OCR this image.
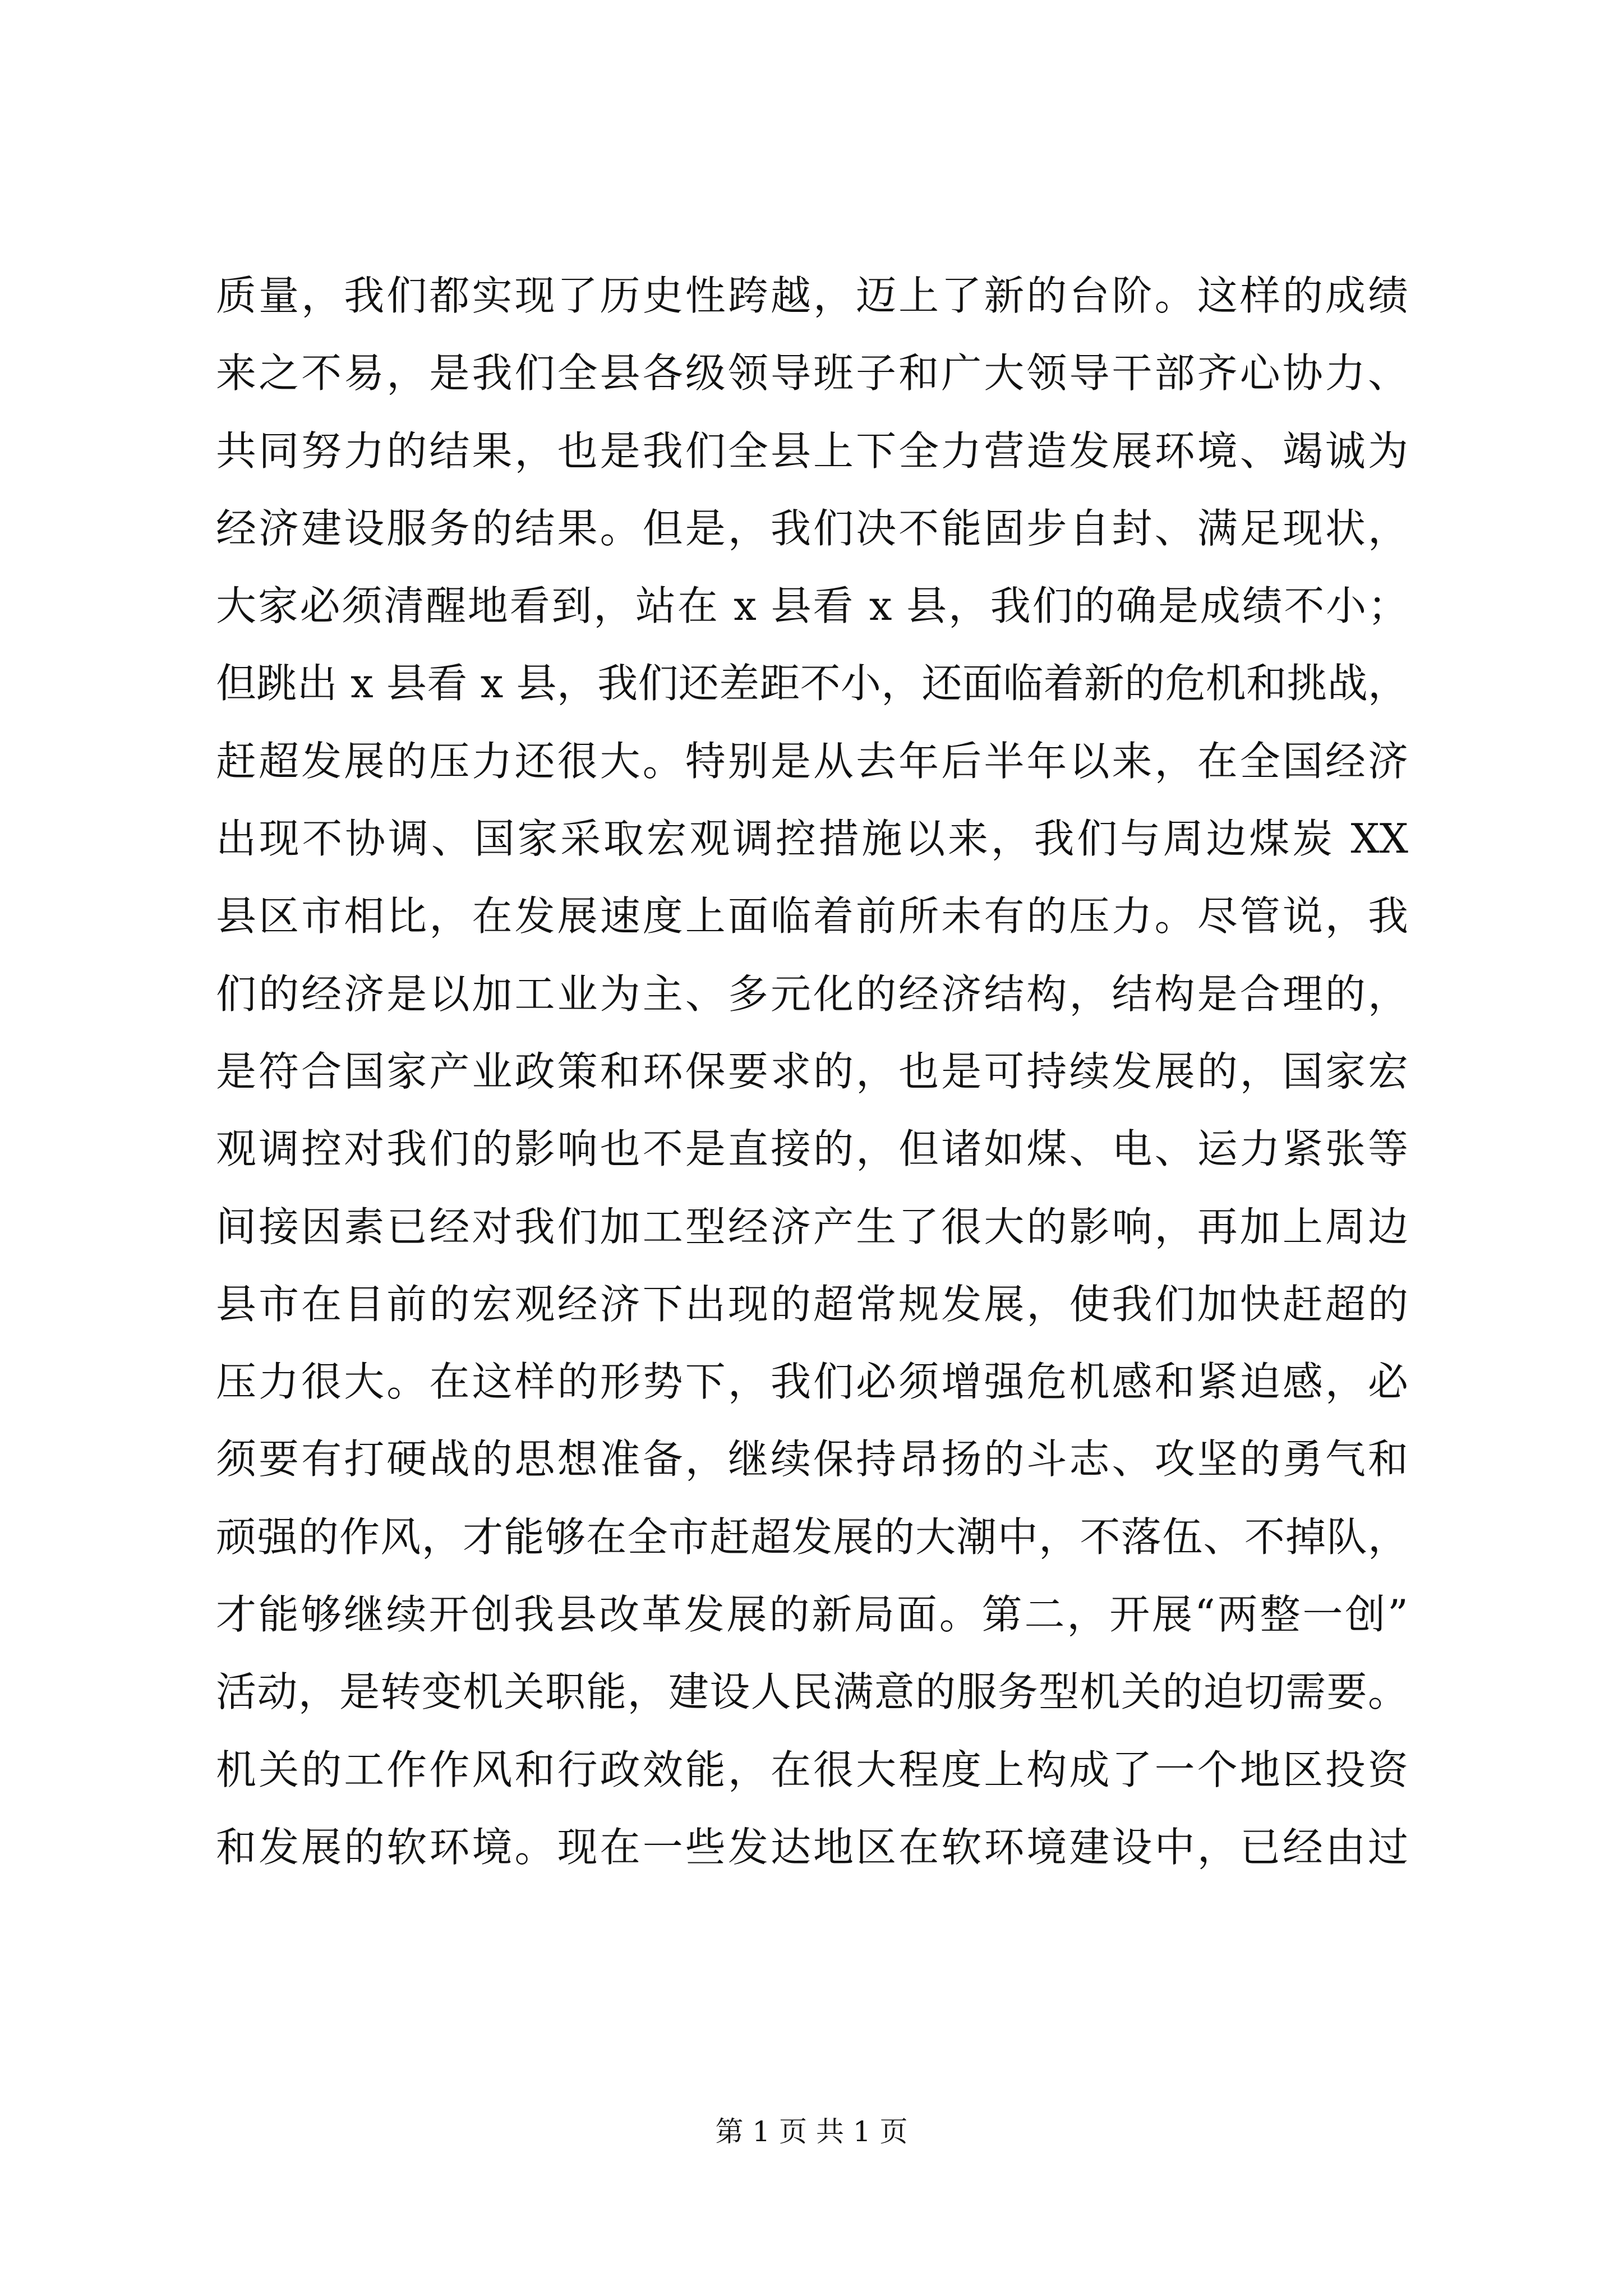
质量，我们都实现了历史性跨越，迈上了新的台阶。这样的成绩
来之不易，是我们全县各级领导班子和广大领导干部齐心协力、
共同努力的结果，也是我们全县上下全力营造发展环境、竭诚为
经济建设服务的结果。但是，我们决不能固步自封、满足现状，
大家必须清醒地看到，站在 x 县看 x 县，我们的确是成绩不小；
但跳出 x 县看 x 县，我们还差距不小，还面临着新的危机和挑战，
赶超发展的压力还很大。特别是从去年后半年以来，在全国经济
出现不协调、国家采取宏观调控措施以来，我们与周边煤炭 XX
县区市相比，在发展速度上面临着前所未有的压力。尽管说，我
们的经济是以加工业为主、多元化的经济结构，结构是合理的，
是符合国家产业政策和环保要求的，也是可持续发展的，国家宏
观调控对我们的影响也不是直接的，但诸如煤、电、运力紧张等
间接因素已经对我们加工型经济产生了很大的影响，再加上周边
县市在目前的宏观经济下出现的超常规发展，使我们加快赶超的
压力很大。在这样的形势下，我们必须增强危机感和紧迫感，必
须要有打硬战的思想准备，继续保持昂扬的斗志、攻坚的勇气和
顽强的作风，才能够在全市赶超发展的大潮中，不落伍、不掉队，
才能够继续开创我县改革发展的新局面。第二，开展“两整一创”
活动，是转变机关职能，建设人民满意的服务型机关的迫切需要。
机关的工作作风和行政效能，在很大程度上构成了一个地区投资
和发展的软环境。现在一些发达地区在软环境建设中，已经由过
第 1 页 共 1 页
